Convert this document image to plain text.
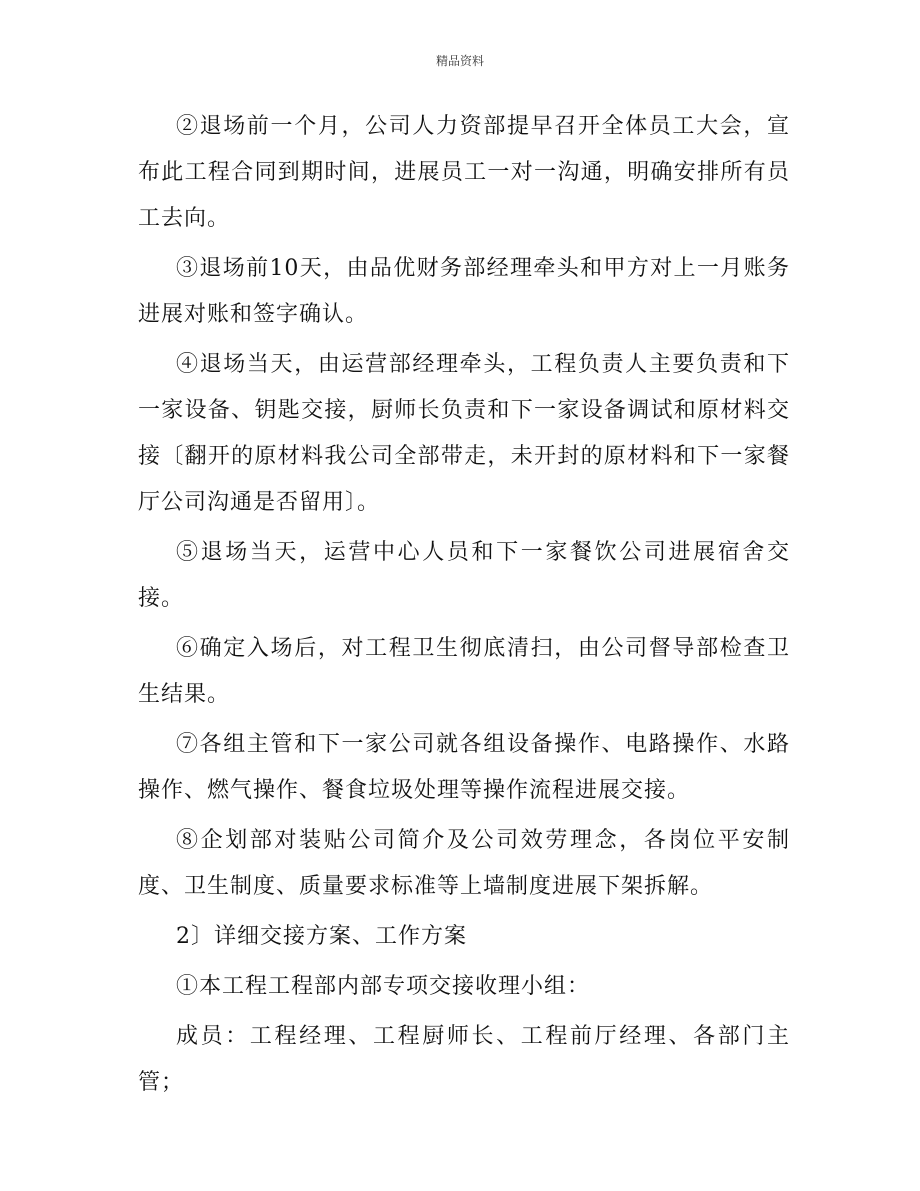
精品资料

②退场前一个月，公司人力资部提早召开全体员工大会，宣布此工程合同到期时间，进展员工一对一沟通，明确安排所有员工去向。

③退场前10天，由品优财务部经理牵头和甲方对上一月账务进展对账和签字确认。

④退场当天，由运营部经理牵头，工程负责人主要负责和下一家设备、钥匙交接，厨师长负责和下一家设备调试和原材料交接〔翻开的原材料我公司全部带走，未开封的原材料和下一家餐厅公司沟通是否留用〕。

⑤退场当天，运营中心人员和下一家餐饮公司进展宿舍交接。

⑥确定入场后，对工程卫生彻底清扫，由公司督导部检查卫生结果。

⑦各组主管和下一家公司就各组设备操作、电路操作、水路操作、燃气操作、餐食垃圾处理等操作流程进展交接。

⑧企划部对装贴公司简介及公司效劳理念，各岗位平安制度、卫生制度、质量要求标准等上墙制度进展下架拆解。

2〕详细交接方案、工作方案

①本工程工程部内部专项交接收理小组：

成员：工程经理、工程厨师长、工程前厅经理、各部门主管；
